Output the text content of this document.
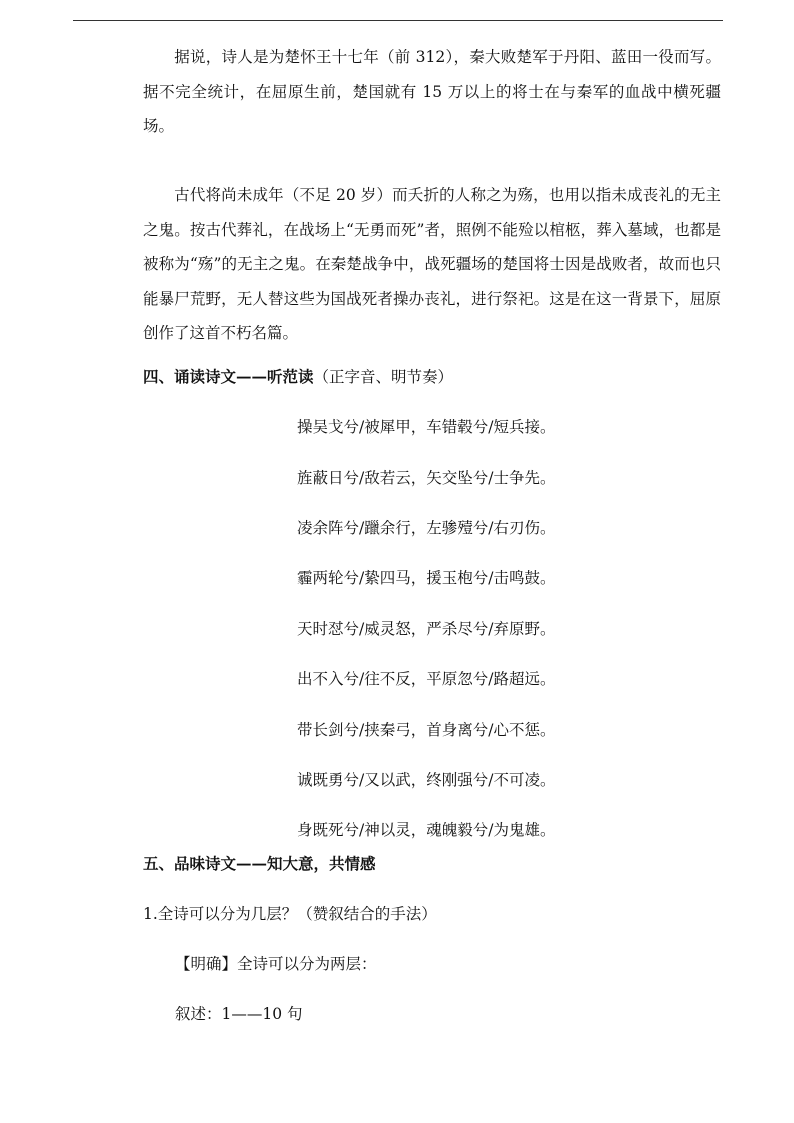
据说，诗人是为楚怀王十七年（前 312），秦大败楚军于丹阳、蓝田一役而写。据不完全统计，在屈原生前，楚国就有 15 万以上的将士在与秦军的血战中横死疆场。

古代将尚未成年（不足 20 岁）而夭折的人称之为殇，也用以指未成丧礼的无主之鬼。按古代葬礼，在战场上“无勇而死”者，照例不能殓以棺柩，葬入墓域，也都是被称为“殇”的无主之鬼。在秦楚战争中，战死疆场的楚国将士因是战败者，故而也只能暴尸荒野，无人替这些为国战死者操办丧礼，进行祭祀。这是在这一背景下，屈原创作了这首不朽名篇。

四、诵读诗文——听范读（正字音、明节奏）

操吴戈兮/被犀甲，车错毂兮/短兵接。

旌蔽日兮/敌若云，矢交坠兮/士争先。

凌余阵兮/躐余行，左骖殪兮/右刃伤。

霾两轮兮/絷四马，援玉枹兮/击鸣鼓。

天时怼兮/威灵怒，严杀尽兮/弃原野。

出不入兮/往不反，平原忽兮/路超远。

带长剑兮/挟秦弓，首身离兮/心不惩。

诚既勇兮/又以武，终刚强兮/不可凌。

身既死兮/神以灵，魂魄毅兮/为鬼雄。

五、品味诗文——知大意，共情感

1.全诗可以分为几层？（赞叙结合的手法）

【明确】全诗可以分为两层：

叙述：1——10 句
